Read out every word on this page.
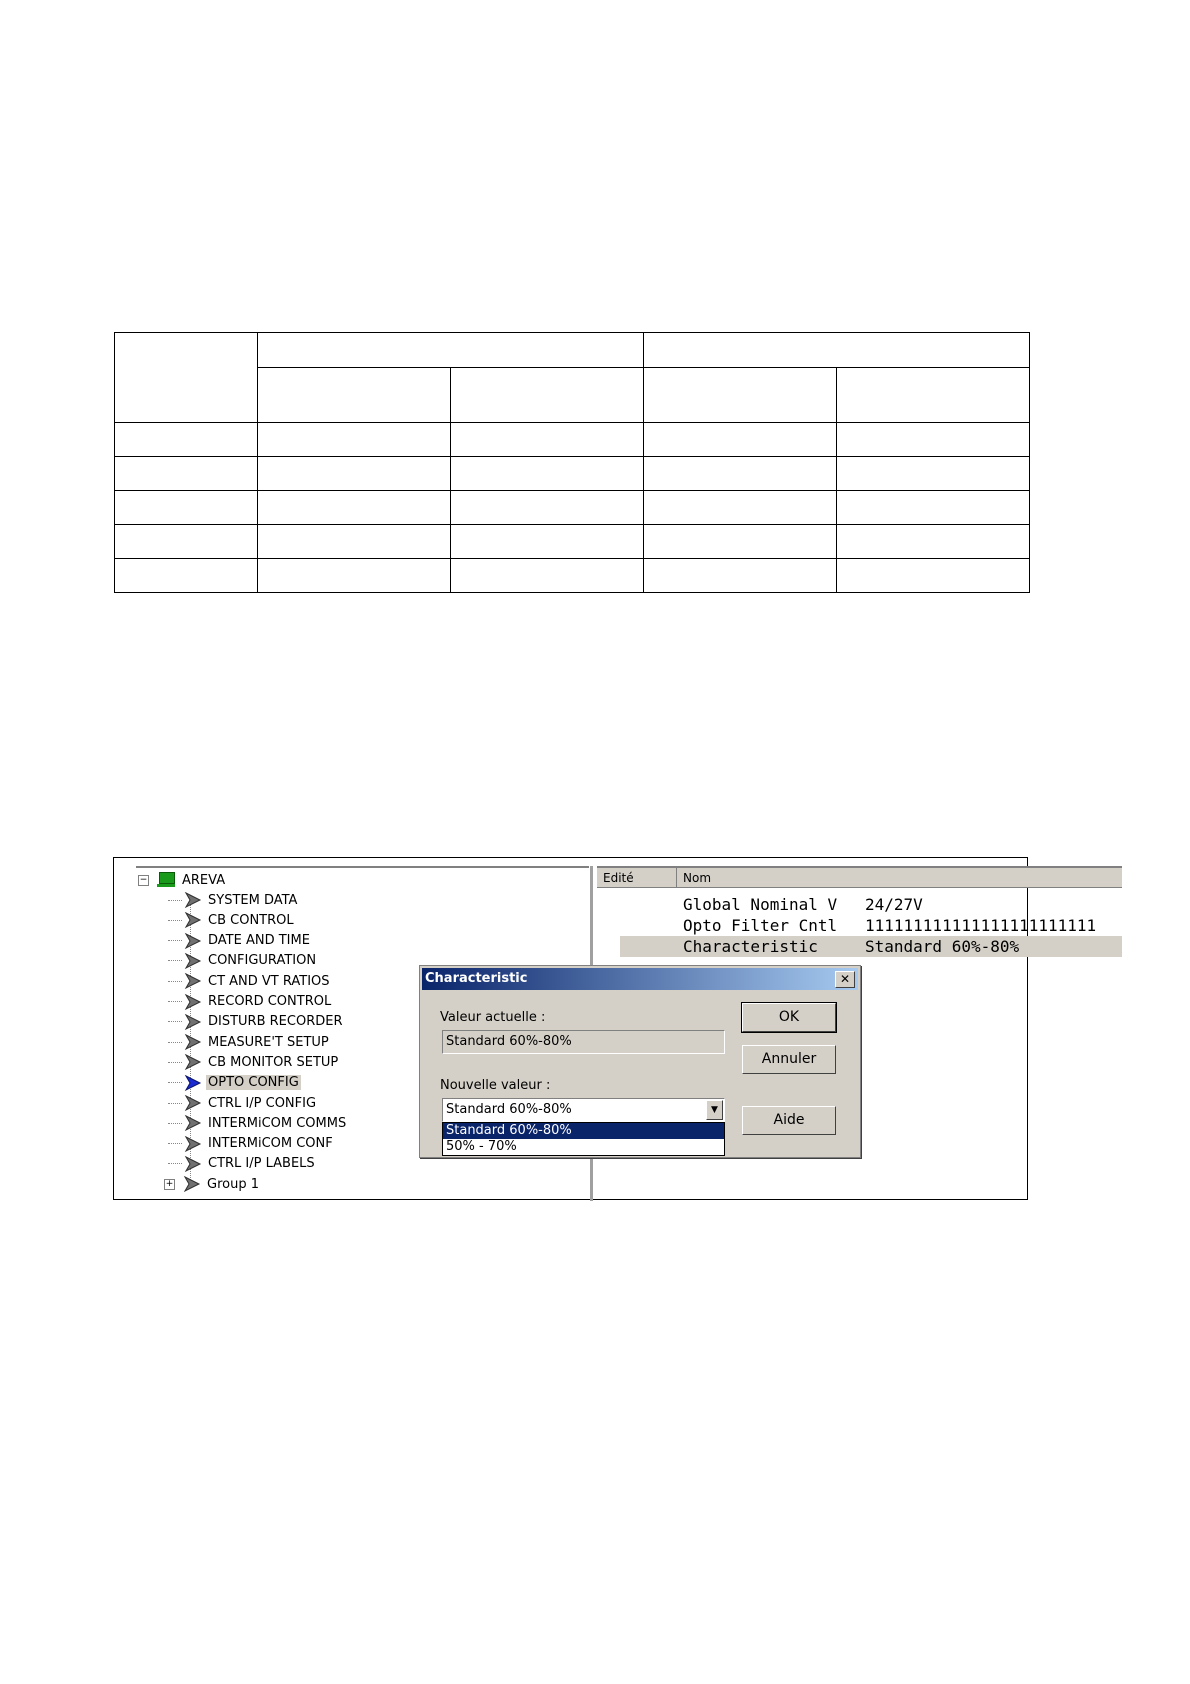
−	AREVA
SYSTEM DATA
CB CONTROL
DATE AND TIME
CONFIGURATION
CT AND VT RATIOS
RECORD CONTROL
DISTURB RECORDER
MEASURE'T SETUP
CB MONITOR SETUP
OPTO CONFIG
CTRL I/P CONFIG
INTERMiCOM COMMS
INTERMiCOM CONF
CTRL I/P LABELS
+	Group 1
Edité	Nom
Global Nominal V 24/27V
Opto Filter Cntl 111111111111111111111111
Characteristic	Standard 60%-80%
Characteristic	✕
Valeur actuelle :
Standard 60%-80%
Nouvelle valeur :
Standard 60%-80%	▼
Standard 60%-80%
50% - 70%
OK
Annuler
Aide
